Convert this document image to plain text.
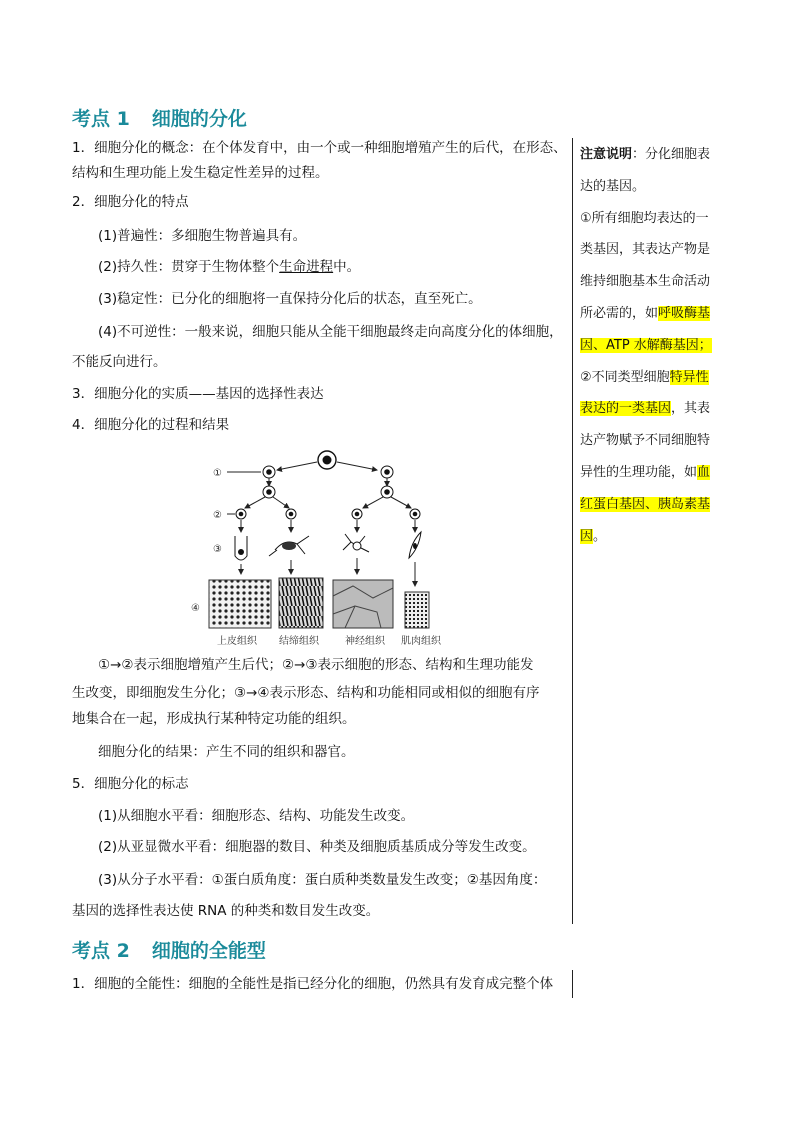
考点 1 细胞的分化
1．细胞分化的概念：在个体发育中，由一个或一种细胞增殖产生的后代，在形态、
结构和生理功能上发生稳定性差异的过程。
2．细胞分化的特点
(1)普遍性：多细胞生物普遍具有。
(2)持久性：贯穿于生物体整个生命进程中。
(3)稳定性：已分化的细胞将一直保持分化后的状态，直至死亡。
(4)不可逆性：一般来说，细胞只能从全能干细胞最终走向高度分化的体细胞，
不能反向进行。
3．细胞分化的实质——基因的选择性表达
4．细胞分化的过程和结果
①
②
③
④
上皮组织 结缔组织	神经组织 肌肉组织
①→②表示细胞增殖产生后代；②→③表示细胞的形态、结构和生理功能发
生改变，即细胞发生分化；③→④表示形态、结构和功能相同或相似的细胞有序
地集合在一起，形成执行某种特定功能的组织。
细胞分化的结果：产生不同的组织和器官。
5．细胞分化的标志
(1)从细胞水平看：细胞形态、结构、功能发生改变。
(2)从亚显微水平看：细胞器的数目、种类及细胞质基质成分等发生改变。
(3)从分子水平看：①蛋白质角度：蛋白质种类数量发生改变；②基因角度：
基因的选择性表达使 RNA 的种类和数目发生改变。
考点 2 细胞的全能型
1．细胞的全能性：细胞的全能性是指已经分化的细胞，仍然具有发育成完整个体
注意说明：分化细胞表
达的基因。
①所有细胞均表达的一
类基因，其表达产物是
维持细胞基本生命活动
所必需的，如呼吸酶基
因、ATP 水解酶基因；
②不同类型细胞特异性
表达的一类基因，其表
达产物赋予不同细胞特
异性的生理功能，如血
红蛋白基因、胰岛素基
因。
